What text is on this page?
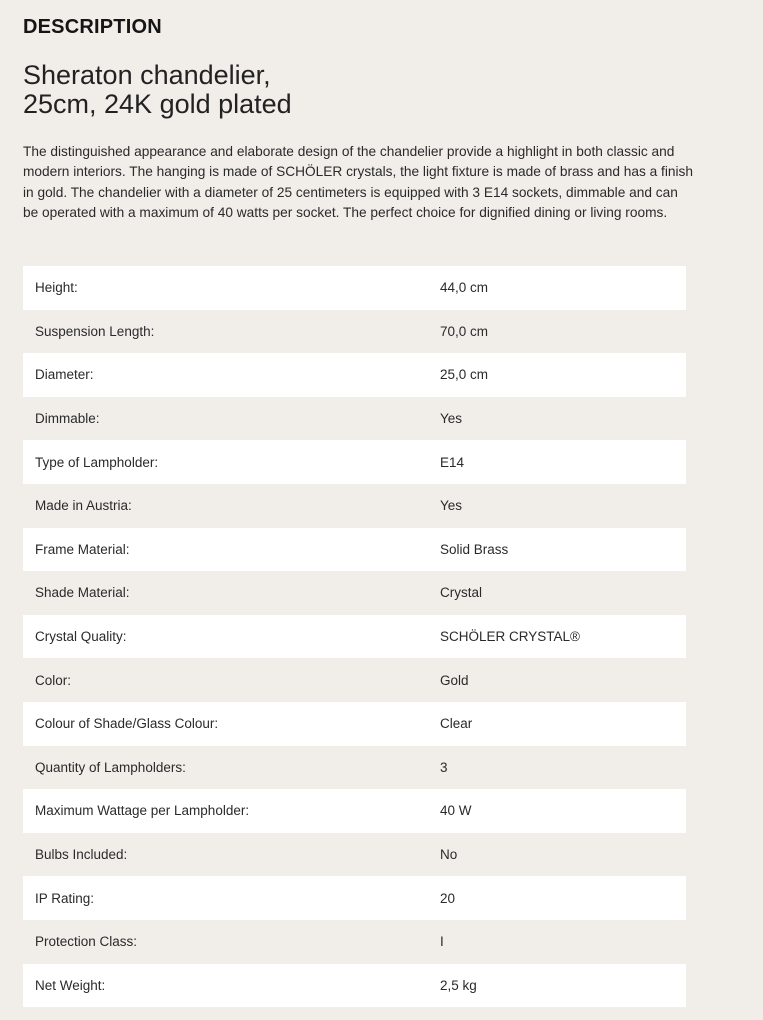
DESCRIPTION
Sheraton chandelier,
25cm, 24K gold plated

The distinguished appearance and elaborate design of the chandelier provide a highlight in both classic and modern interiors. The hanging is made of SCHÖLER crystals, the light fixture is made of brass and has a finish in gold. The chandelier with a diameter of 25 centimeters is equipped with 3 E14 sockets, dimmable and can be operated with a maximum of 40 watts per socket. The perfect choice for dignified dining or living rooms.

Height:	44,0 cm
Suspension Length:	70,0 cm
Diameter:	25,0 cm
Dimmable:	Yes
Type of Lampholder:	E14
Made in Austria:	Yes
Frame Material:	Solid Brass
Shade Material:	Crystal
Crystal Quality:	SCHÖLER CRYSTAL®
Color:	Gold
Colour of Shade/Glass Colour:	Clear
Quantity of Lampholders:	3
Maximum Wattage per Lampholder:	40 W
Bulbs Included:	No
IP Rating:	20
Protection Class:	I
Net Weight:	2,5 kg
